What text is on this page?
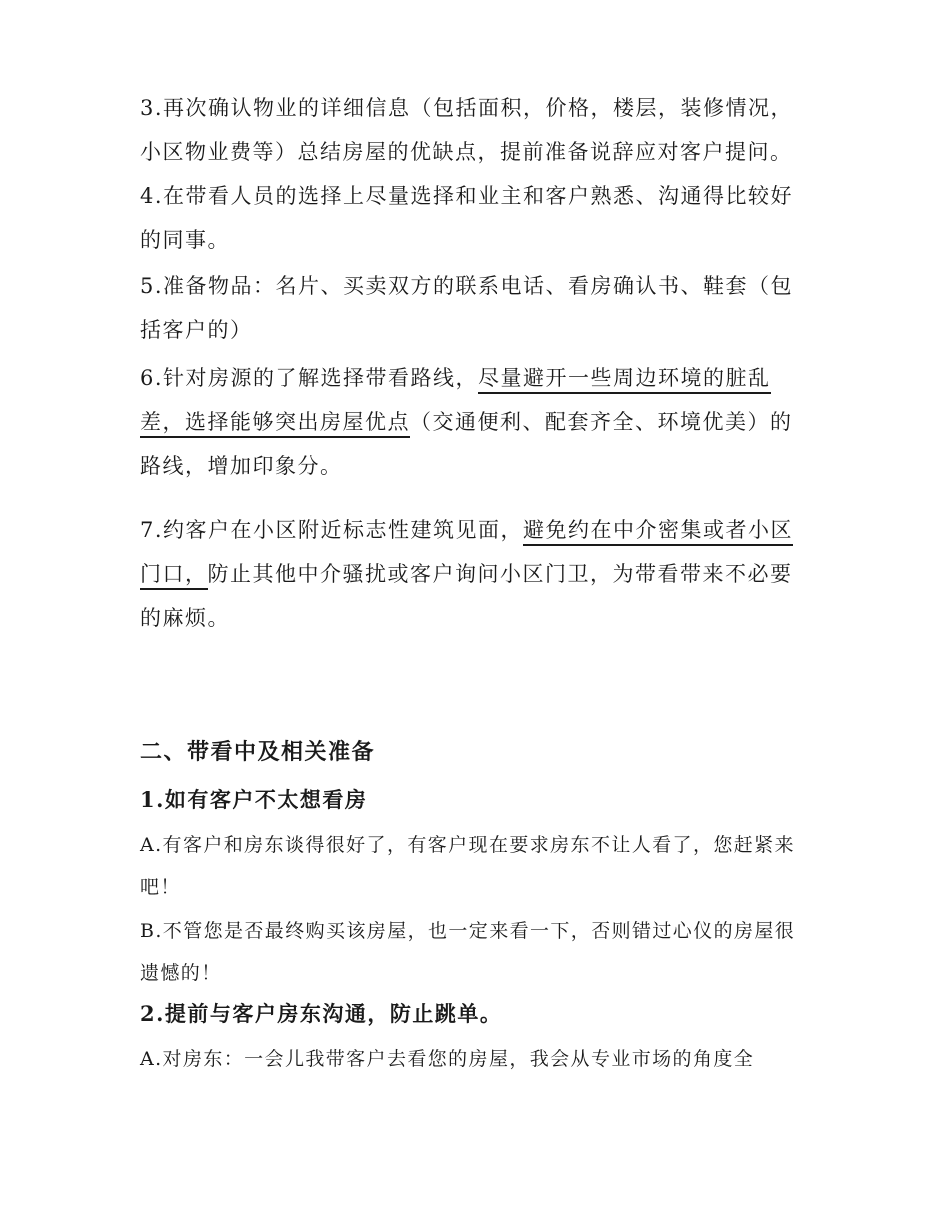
3.再次确认物业的详细信息（包括面积，价格，楼层，装修情况，小区物业费等）总结房屋的优缺点，提前准备说辞应对客户提问。

4.在带看人员的选择上尽量选择和业主和客户熟悉、沟通得比较好的同事。

5.准备物品：名片、买卖双方的联系电话、看房确认书、鞋套（包括客户的）

6.针对房源的了解选择带看路线，尽量避开一些周边环境的脏乱差，选择能够突出房屋优点（交通便利、配套齐全、环境优美）的路线，增加印象分。

7.约客户在小区附近标志性建筑见面，避免约在中介密集或者小区门口，防止其他中介骚扰或客户询问小区门卫，为带看带来不必要的麻烦。

二、带看中及相关准备
1.如有客户不太想看房

A.有客户和房东谈得很好了，有客户现在要求房东不让人看了，您赶紧来吧！

B.不管您是否最终购买该房屋，也一定来看一下，否则错过心仪的房屋很遗憾的！

2.提前与客户房东沟通，防止跳单。

A.对房东：一会儿我带客户去看您的房屋，我会从专业市场的角度全
